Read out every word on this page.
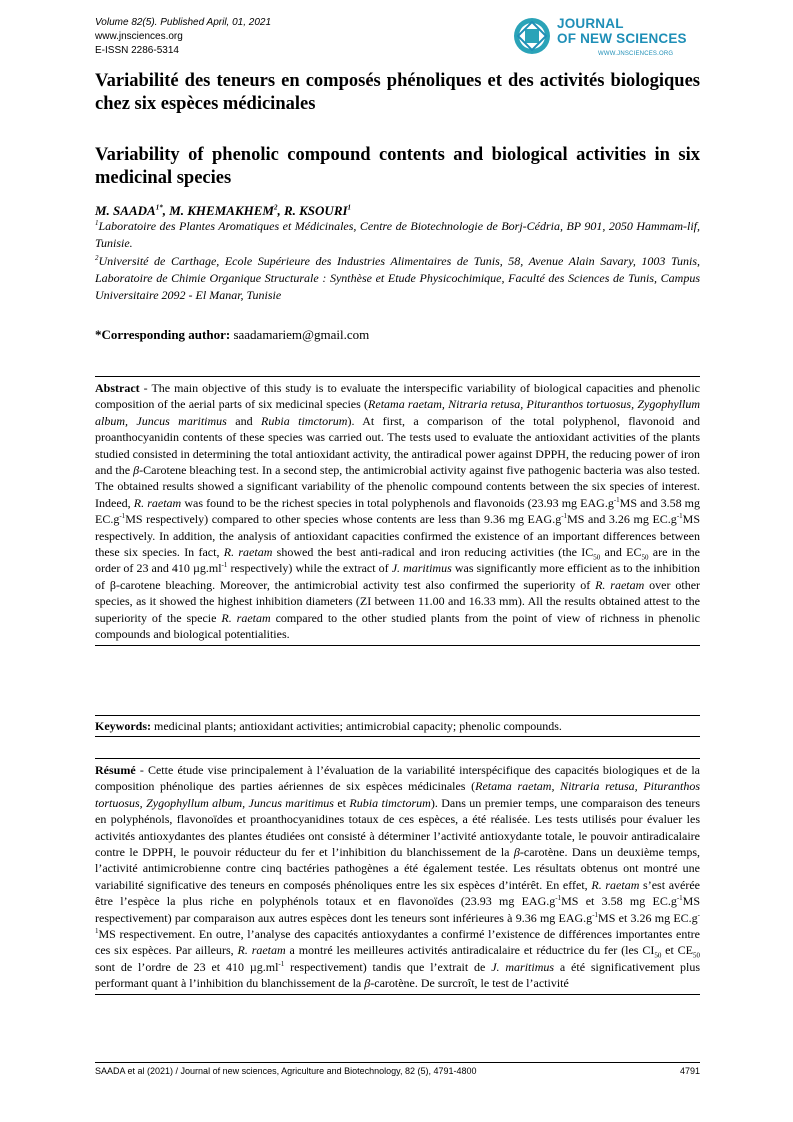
Volume 82(5). Published April, 01, 2021
www.jnsciences.org
E-ISSN 2286-5314
JOURNAL
OF NEW SCIENCES
WWW.JNSCIENCES.ORG
Variabilité des teneurs en composés phénoliques et des activités biologiques chez six espèces médicinales
Variability of phenolic compound contents and biological activities in six medicinal species
M. $SAADA^{1*}$, M. KHEMAKHEM$^2$, R. KSOURI$^1$
$^1$Laboratoire des Plantes Aromatiques et Médicinales, Centre de Biotechnologie de Borj-Cédria, BP 901, 2050 Hammam-lif, Tunisie.
$^2$Université de Carthage, Ecole Supérieure des Industries Alimentaires de Tunis, 58, Avenue Alain Savary, 1003 Tunis, Laboratoire de Chimie Organique Structurale : Synthèse et Etude Physicochimique, Faculté des Sciences de Tunis, Campus Universitaire 2092 - El Manar, Tunisie
*Corresponding author: saadamariem@gmail.com

Abstract - The main objective of this study is to evaluate the interspecific variability of biological capacities and phenolic composition of the aerial parts of six medicinal species (Retama raetam, Nitraria retusa, Pituranthos tortuosus, Zygophyllum album, Juncus maritimus and Rubia timctorum). At first, a comparison of the total polyphenol, flavonoid and proanthocyanidin contents of these species was carried out. The tests used to evaluate the antioxidant activities of the plants studied consisted in determining the total antioxidant activity, the antiradical power against DPPH, the reducing power of iron and the β-Carotene bleaching test. In a second step, the antimicrobial activity against five pathogenic bacteria was also tested. The obtained results showed a significant variability of the phenolic compound contents between the six species of interest. Indeed, R. raetam was found to be the richest species in total polyphenols and flavonoids (23.93 mg $EAG.g^{-1}MS$ and 3.58 mg $EC.g^{-1}MS$ respectively) compared to other species whose contents are less than 9.36 mg $EAG.g^{-1}MS$ and 3.26 mg $EC.g^{-1}MS$ respectively. In addition, the analysis of antioxidant capacities confirmed the existence of an important differences between these six species. In fact, R. raetam showed the best anti-radical and iron reducing activities (the $IC_{50}$ and $EC_{50}$ are in the order of 23 and 410 $\mu g.ml^{-1}$ respectively) while the extract of J. maritimus was significantly more efficient as to the inhibition of β-carotene bleaching. Moreover, the antimicrobial activity test also confirmed the superiority of R. raetam over other species, as it showed the highest inhibition diameters (ZI between 11.00 and 16.33 mm). All the results obtained attest to the superiority of the specie R. raetam compared to the other studied plants from the point of view of richness in phenolic compounds and biological potentialities.

Keywords: medicinal plants; antioxidant activities; antimicrobial capacity; phenolic compounds.

Résumé - Cette étude vise principalement à l’évaluation de la variabilité interspécifique des capacités biologiques et de la composition phénolique des parties aériennes de six espèces médicinales (Retama raetam, Nitraria retusa, Pituranthos tortuosus, Zygophyllum album, Juncus maritimus et Rubia timctorum). Dans un premier temps, une comparaison des teneurs en polyphénols, flavonoïdes et proanthocyanidines totaux de ces espèces, a été réalisée. Les tests utilisés pour évaluer les activités antioxydantes des plantes étudiées ont consisté à déterminer l’activité antioxydante totale, le pouvoir antiradicalaire contre le DPPH, le pouvoir réducteur du fer et l’inhibition du blanchissement de la β-carotène. Dans un deuxième temps, l’activité antimicrobienne contre cinq bactéries pathogènes a été également testée. Les résultats obtenus ont montré une variabilité significative des teneurs en composés phénoliques entre les six espèces d’intérêt. En effet, R. raetam s’est avérée être l’espèce la plus riche en polyphénols totaux et en flavonoïdes (23.93 mg $EAG.g^{-1}MS$ et 3.58 mg $EC.g^{-1}MS$ respectivement) par comparaison aux autres espèces dont les teneurs sont inférieures à 9.36 mg $EAG.g^{-1}MS$ et 3.26 mg $EC.g^{-1}MS$ respectivement. En outre, l’analyse des capacités antioxydantes a confirmé l’existence de différences importantes entre ces six espèces. Par ailleurs, R. raetam a montré les meilleures activités antiradicalaire et réductrice du fer (les $CI_{50}$ et $CE_{50}$ sont de l’ordre de 23 et 410 $\mu g.ml^{-1}$ respectivement) tandis que l’extrait de J. maritimus a été significativement plus performant quant à l’inhibition du blanchissement de la β-carotène. De surcroît, le test de l’activité

SAADA et al (2021) / Journal of new sciences, Agriculture and Biotechnology, 82 (5), 4791-4800	4791
